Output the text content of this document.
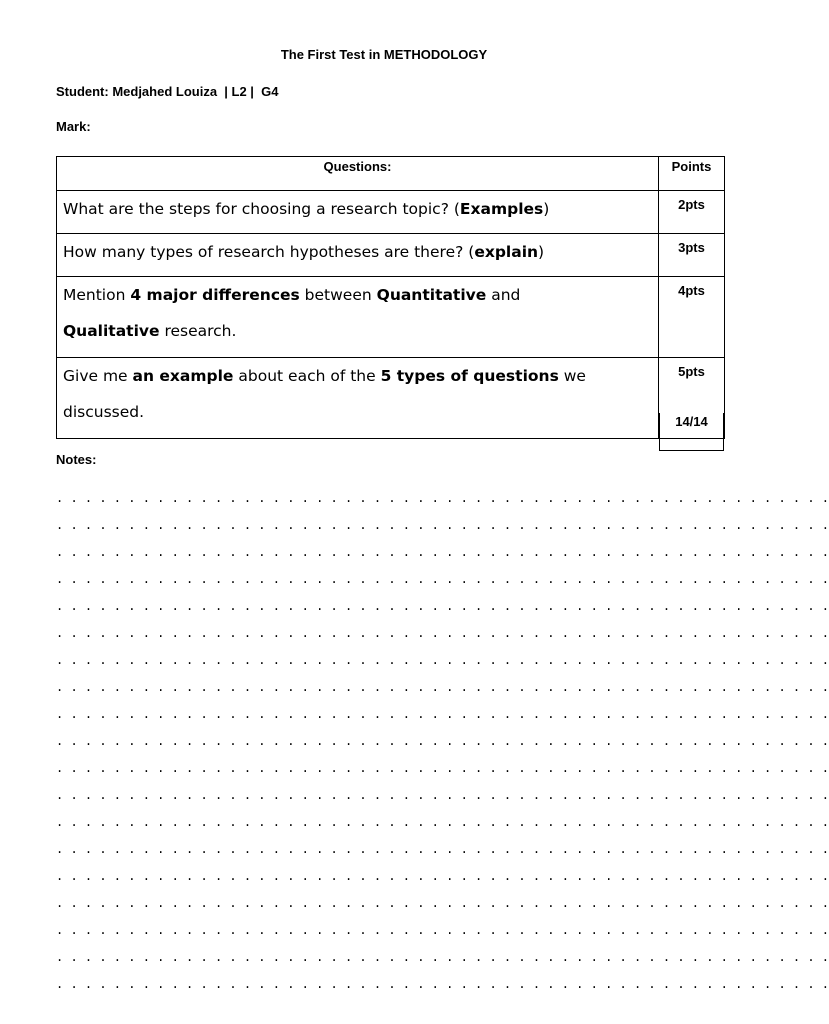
The First Test in METHODOLOGY
Student: Medjahed Louiza  | L2 |  G4
Mark:
Questions:	Points

What are the steps for choosing a research topic? (Examples)	2pts

How many types of research hypotheses are there? (explain)	3pts

Mention 4 major differences between Quantitative and
Qualitative research.	4pts

Give me an example about each of the 5 types of questions we
discussed.	5pts
14/14
Notes:
. . . . . . . . . . . . . . . . . . . . . . . . . . . . . . . . . . . . . . . . . . . . . . . . . . . . . .
. . . . . . . . . . . . . . . . . . . . . . . . . . . . . . . . . . . . . . . . . . . . . . . . . . . . . .
. . . . . . . . . . . . . . . . . . . . . . . . . . . . . . . . . . . . . . . . . . . . . . . . . . . . . .
. . . . . . . . . . . . . . . . . . . . . . . . . . . . . . . . . . . . . . . . . . . . . . . . . . . . . .
. . . . . . . . . . . . . . . . . . . . . . . . . . . . . . . . . . . . . . . . . . . . . . . . . . . . . .
. . . . . . . . . . . . . . . . . . . . . . . . . . . . . . . . . . . . . . . . . . . . . . . . . . . . . .
. . . . . . . . . . . . . . . . . . . . . . . . . . . . . . . . . . . . . . . . . . . . . . . . . . . . . .
. . . . . . . . . . . . . . . . . . . . . . . . . . . . . . . . . . . . . . . . . . . . . . . . . . . . . .
. . . . . . . . . . . . . . . . . . . . . . . . . . . . . . . . . . . . . . . . . . . . . . . . . . . . . .
. . . . . . . . . . . . . . . . . . . . . . . . . . . . . . . . . . . . . . . . . . . . . . . . . . . . . .
. . . . . . . . . . . . . . . . . . . . . . . . . . . . . . . . . . . . . . . . . . . . . . . . . . . . . .
. . . . . . . . . . . . . . . . . . . . . . . . . . . . . . . . . . . . . . . . . . . . . . . . . . . . . .
. . . . . . . . . . . . . . . . . . . . . . . . . . . . . . . . . . . . . . . . . . . . . . . . . . . . . .
. . . . . . . . . . . . . . . . . . . . . . . . . . . . . . . . . . . . . . . . . . . . . . . . . . . . . .
. . . . . . . . . . . . . . . . . . . . . . . . . . . . . . . . . . . . . . . . . . . . . . . . . . . . . .
. . . . . . . . . . . . . . . . . . . . . . . . . . . . . . . . . . . . . . . . . . . . . . . . . . . . . .
. . . . . . . . . . . . . . . . . . . . . . . . . . . . . . . . . . . . . . . . . . . . . . . . . . . . . .
. . . . . . . . . . . . . . . . . . . . . . . . . . . . . . . . . . . . . . . . . . . . . . . . . . . . . .
. . . . . . . . . . . . . . . . . . . . . . . . . . . . . . . . . . . . . . . . . . . . . . . . . . . . . .
